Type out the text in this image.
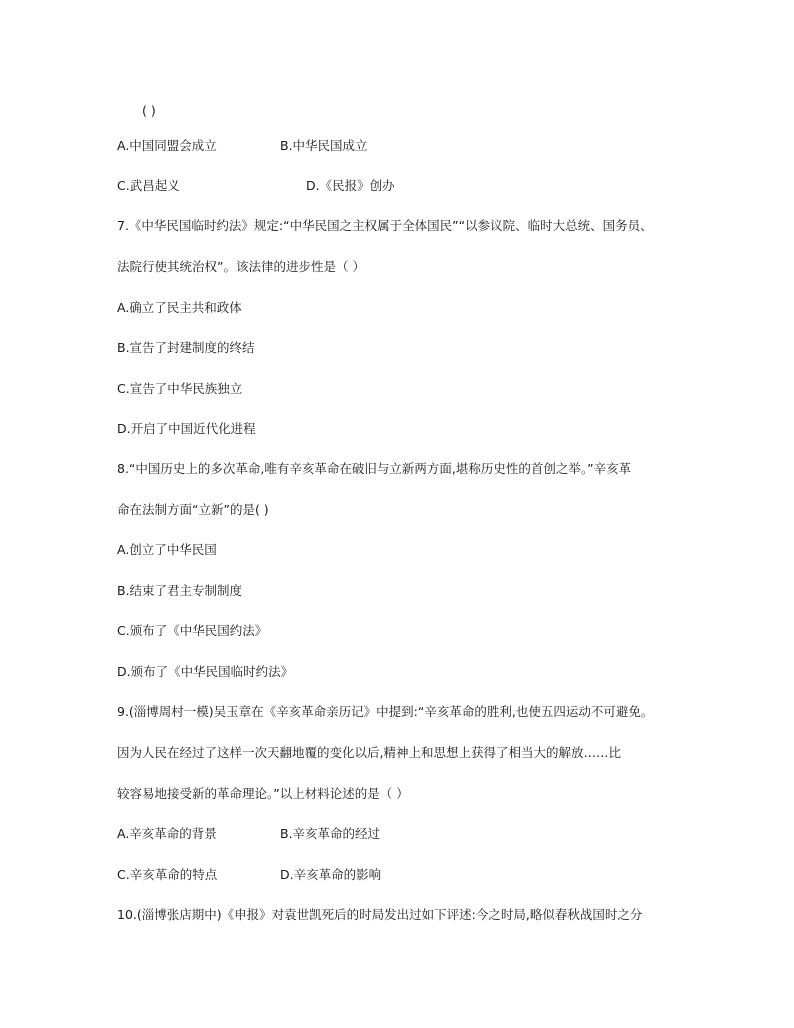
( )
A.中国同盟会成立	B.中华民国成立
C.武昌起义	D.《民报》创办
7.《中华民国临时约法》规定:“中华民国之主权属于全体国民”“以参议院、临时大总统、国务员、
法院行使其统治权”。该法律的进步性是（ ）
A.确立了民主共和政体
B.宣告了封建制度的终结
C.宣告了中华民族独立
D.开启了中国近代化进程
8.“中国历史上的多次革命,唯有辛亥革命在破旧与立新两方面,堪称历史性的首创之举。”辛亥革
命在法制方面“立新”的是( )
A.创立了中华民国
B.结束了君主专制制度
C.颁布了《中华民国约法》
D.颁布了《中华民国临时约法》
9.(淄博周村一模)吴玉章在《辛亥革命亲历记》中提到:“辛亥革命的胜利,也使五四运动不可避免。
因为人民在经过了这样一次天翻地覆的变化以后,精神上和思想上获得了相当大的解放……比
较容易地接受新的革命理论。”以上材料论述的是（ ）
A.辛亥革命的背景	B.辛亥革命的经过
C.辛亥革命的特点	D.辛亥革命的影响
10.(淄博张店期中)《申报》对袁世凯死后的时局发出过如下评述:今之时局,略似春秋战国时之分
